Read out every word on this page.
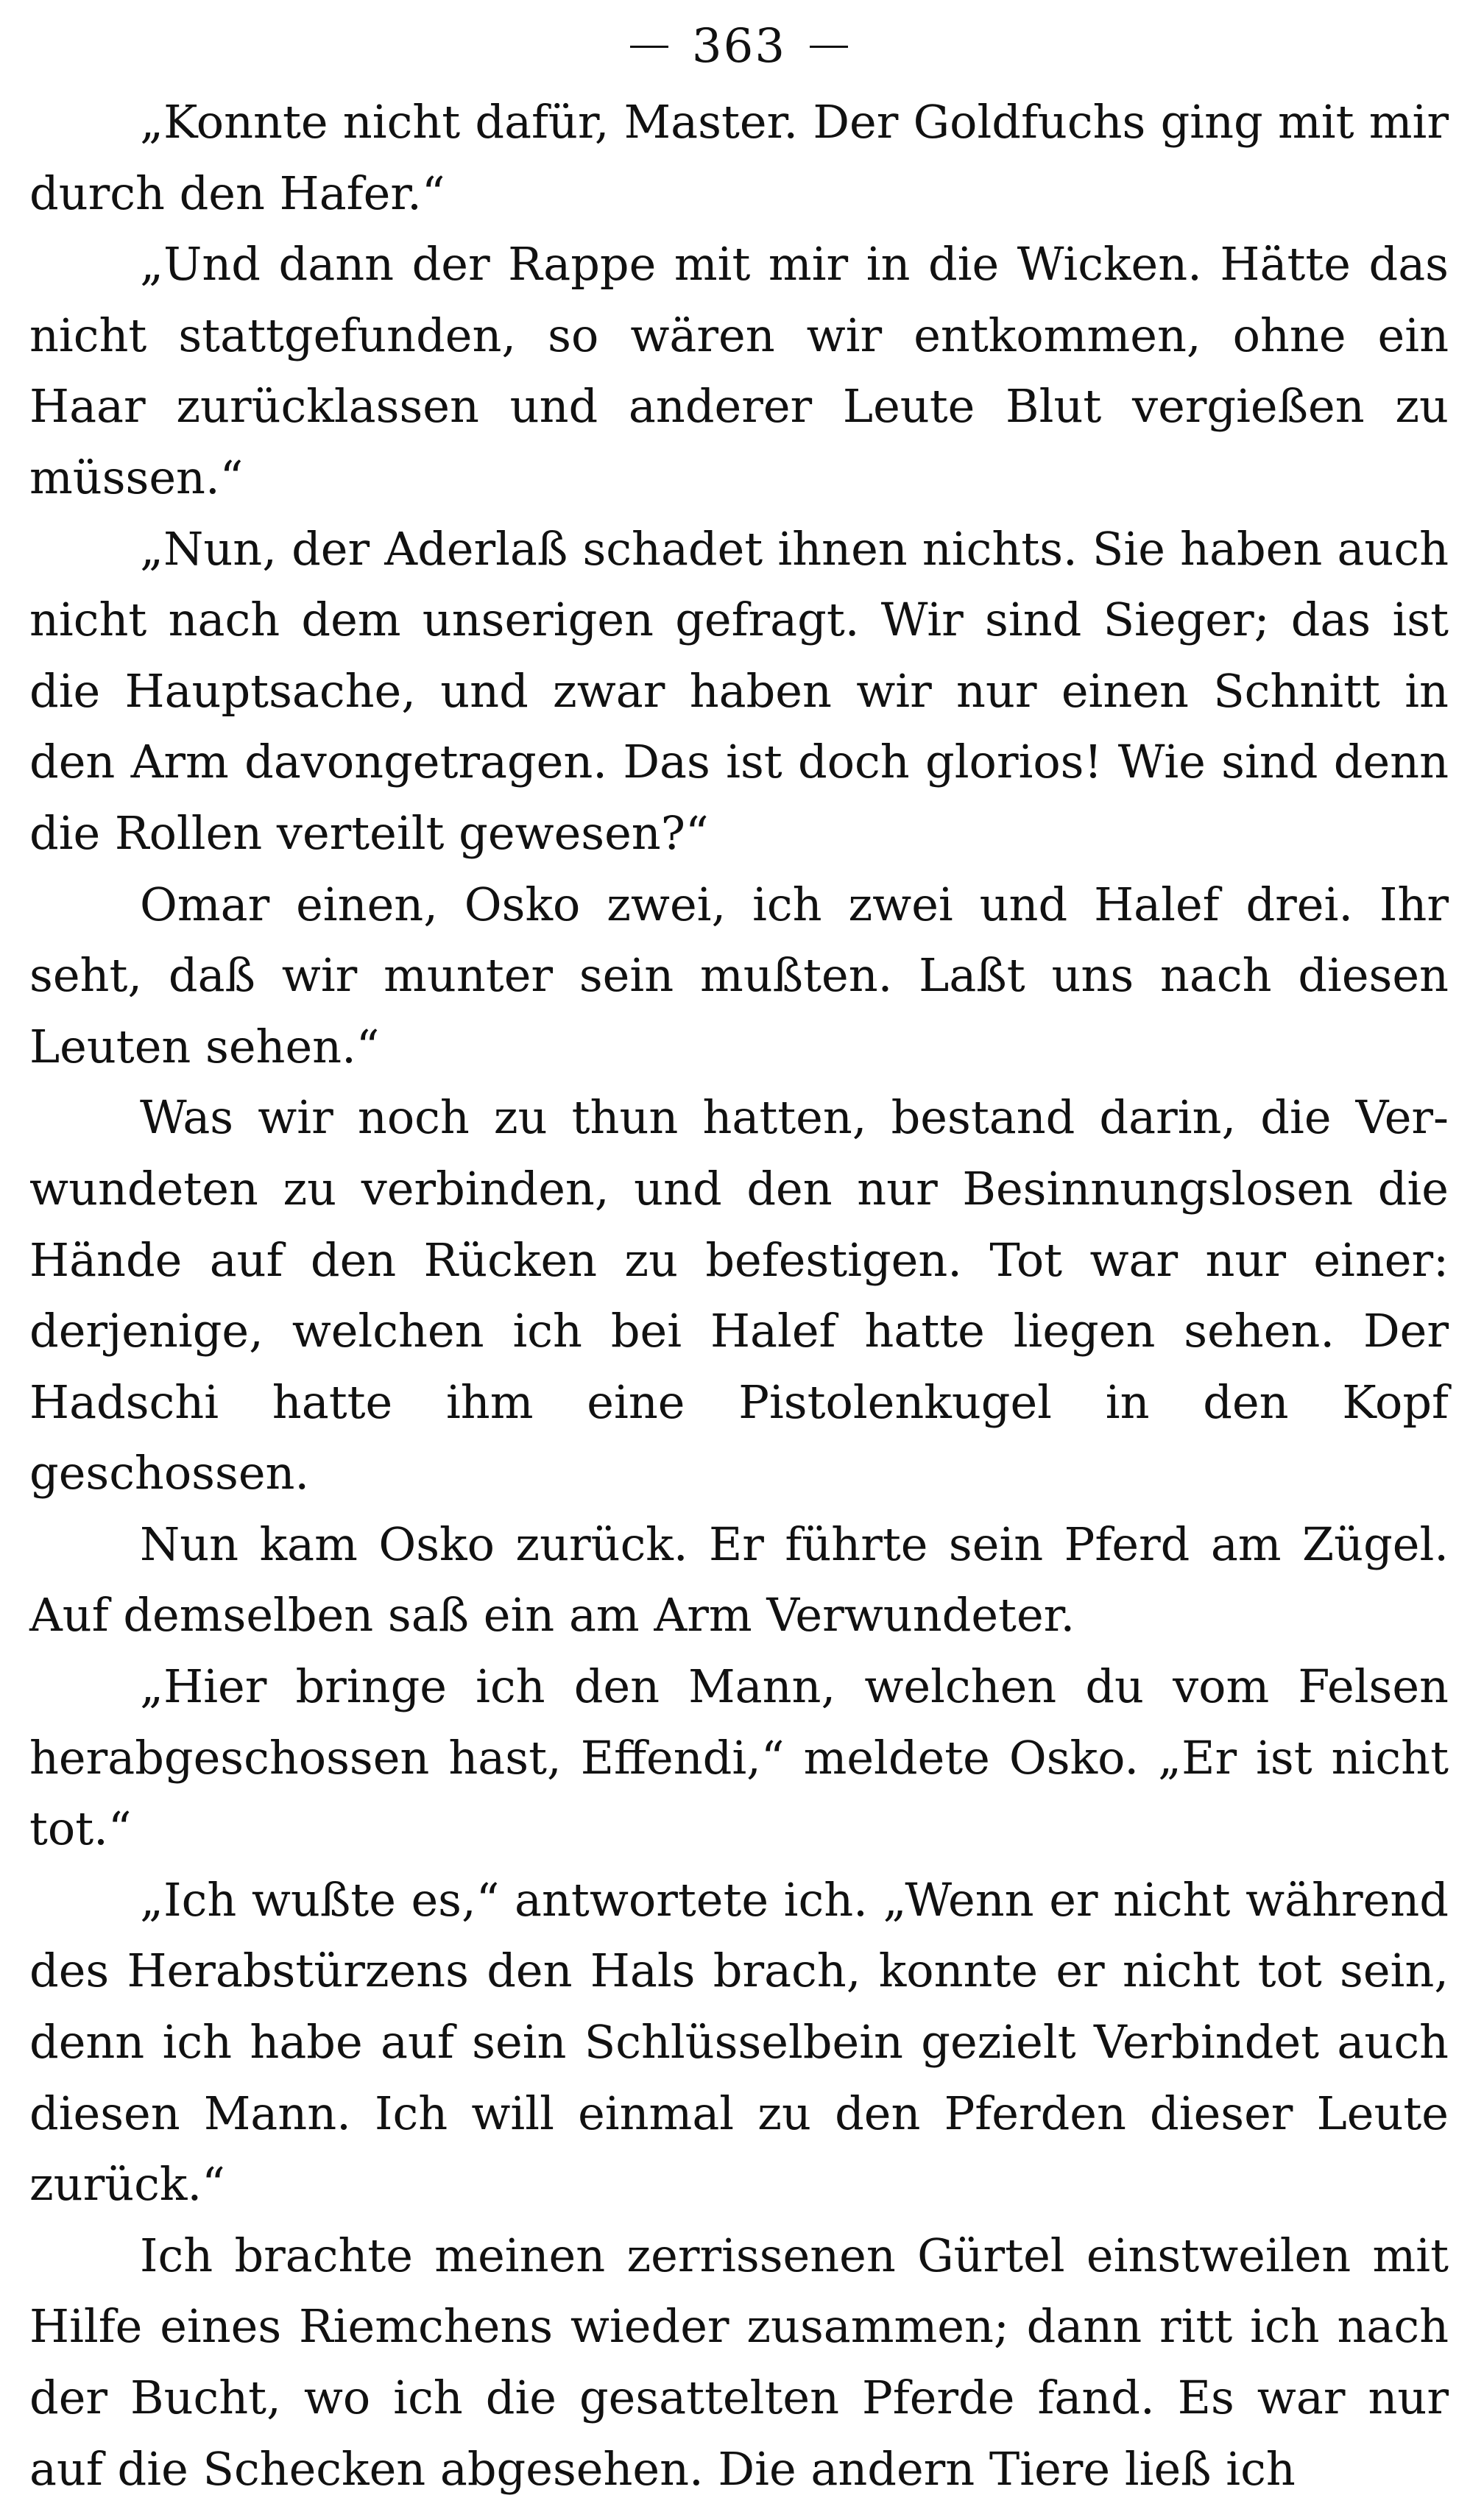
363

„Konnte nicht dafür, Master. Der Goldfuchs ging mit mir durch den Hafer.“

„Und dann der Rappe mit mir in die Wicken. Hätte das nicht stattgefunden, so wären wir entkommen, ohne ein Haar zurücklassen und anderer Leute Blut vergießen zu müssen.“

„Nun, der Aderlaß schadet ihnen nichts. Sie haben auch nicht nach dem unserigen gefragt. Wir sind Sieger; das ist die Hauptsache, und zwar haben wir nur einen Schnitt in den Arm davongetragen. Das ist doch glorios! Wie sind denn die Rollen verteilt gewesen?“

Omar einen, Osko zwei, ich zwei und Halef drei. Ihr seht, daß wir munter sein mußten. Laßt uns nach diesen Leuten sehen.“

Was wir noch zu thun hatten, bestand darin, die Verwundeten zu verbinden, und den nur Besinnungslosen die Hände auf den Rücken zu befestigen. Tot war nur einer: derjenige, welchen ich bei Halef hatte liegen sehen. Der Hadschi hatte ihm eine Pistolenkugel in den Kopf geschossen.

Nun kam Osko zurück. Er führte sein Pferd am Zügel. Auf demselben saß ein am Arm Verwundeter.

„Hier bringe ich den Mann, welchen du vom Felsen herabgeschossen hast, Effendi,“ meldete Osko. „Er ist nicht tot.“

„Ich wußte es,“ antwortete ich. „Wenn er nicht während des Herabstürzens den Hals brach, konnte er nicht tot sein, denn ich habe auf sein Schlüsselbein gezielt Verbindet auch diesen Mann. Ich will einmal zu den Pferden dieser Leute zurück.“

Ich brachte meinen zerrissenen Gürtel einstweilen mit Hilfe eines Riemchens wieder zusammen; dann ritt ich nach der Bucht, wo ich die gesattelten Pferde fand. Es war nur auf die Schecken abgesehen. Die andern Tiere ließ ich
